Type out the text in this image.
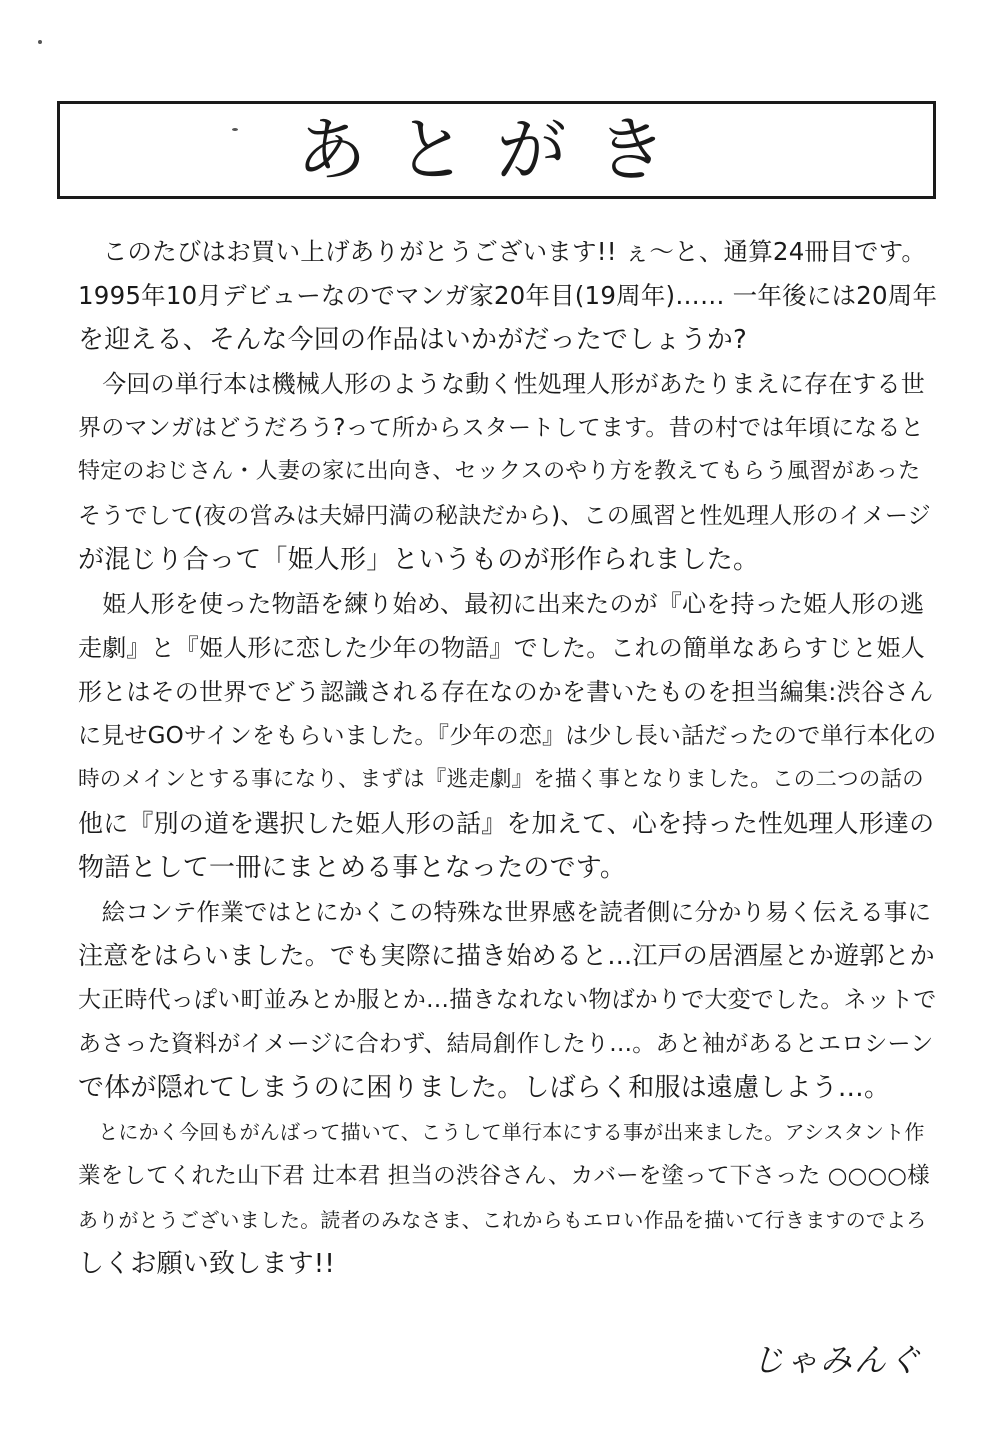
あとがき
　このたびはお買い上げありがとうございます!! ぇ〜と、通算24冊目です。
1995年10月デビューなのでマンガ家20年目(19周年)…… 一年後には20周年
を迎える、そんな今回の作品はいかがだったでしょうか?
　今回の単行本は機械人形のような動く性処理人形があたりまえに存在する世
界のマンガはどうだろう?って所からスタートしてます。昔の村では年頃になると
特定のおじさん・人妻の家に出向き、セックスのやり方を教えてもらう風習があった
そうでして(夜の営みは夫婦円満の秘訣だから)、この風習と性処理人形のイメージ
が混じり合って「姫人形」というものが形作られました。
　姫人形を使った物語を練り始め、最初に出来たのが『心を持った姫人形の逃
走劇』と『姫人形に恋した少年の物語』でした。これの簡単なあらすじと姫人
形とはその世界でどう認識される存在なのかを書いたものを担当編集:渋谷さん
に見せGOサインをもらいました。『少年の恋』は少し長い話だったので単行本化の
時のメインとする事になり、まずは『逃走劇』を描く事となりました。この二つの話の
他に『別の道を選択した姫人形の話』を加えて、心を持った性処理人形達の
物語として一冊にまとめる事となったのです。
　絵コンテ作業ではとにかくこの特殊な世界感を読者側に分かり易く伝える事に
注意をはらいました。でも実際に描き始めると…江戸の居酒屋とか遊郭とか
大正時代っぽい町並みとか服とか…描きなれない物ばかりで大変でした。ネットで
あさった資料がイメージに合わず、結局創作したり…。あと袖があるとエロシーン
で体が隠れてしまうのに困りました。しばらく和服は遠慮しよう…。
　とにかく今回もがんばって描いて、こうして単行本にする事が出来ました。アシスタント作
業をしてくれた山下君 辻本君 担当の渋谷さん、カバーを塗って下さった ○○○○様
ありがとうございました。読者のみなさま、これからもエロい作品を描いて行きますのでよろ
しくお願い致します!!
じゃみんぐ
